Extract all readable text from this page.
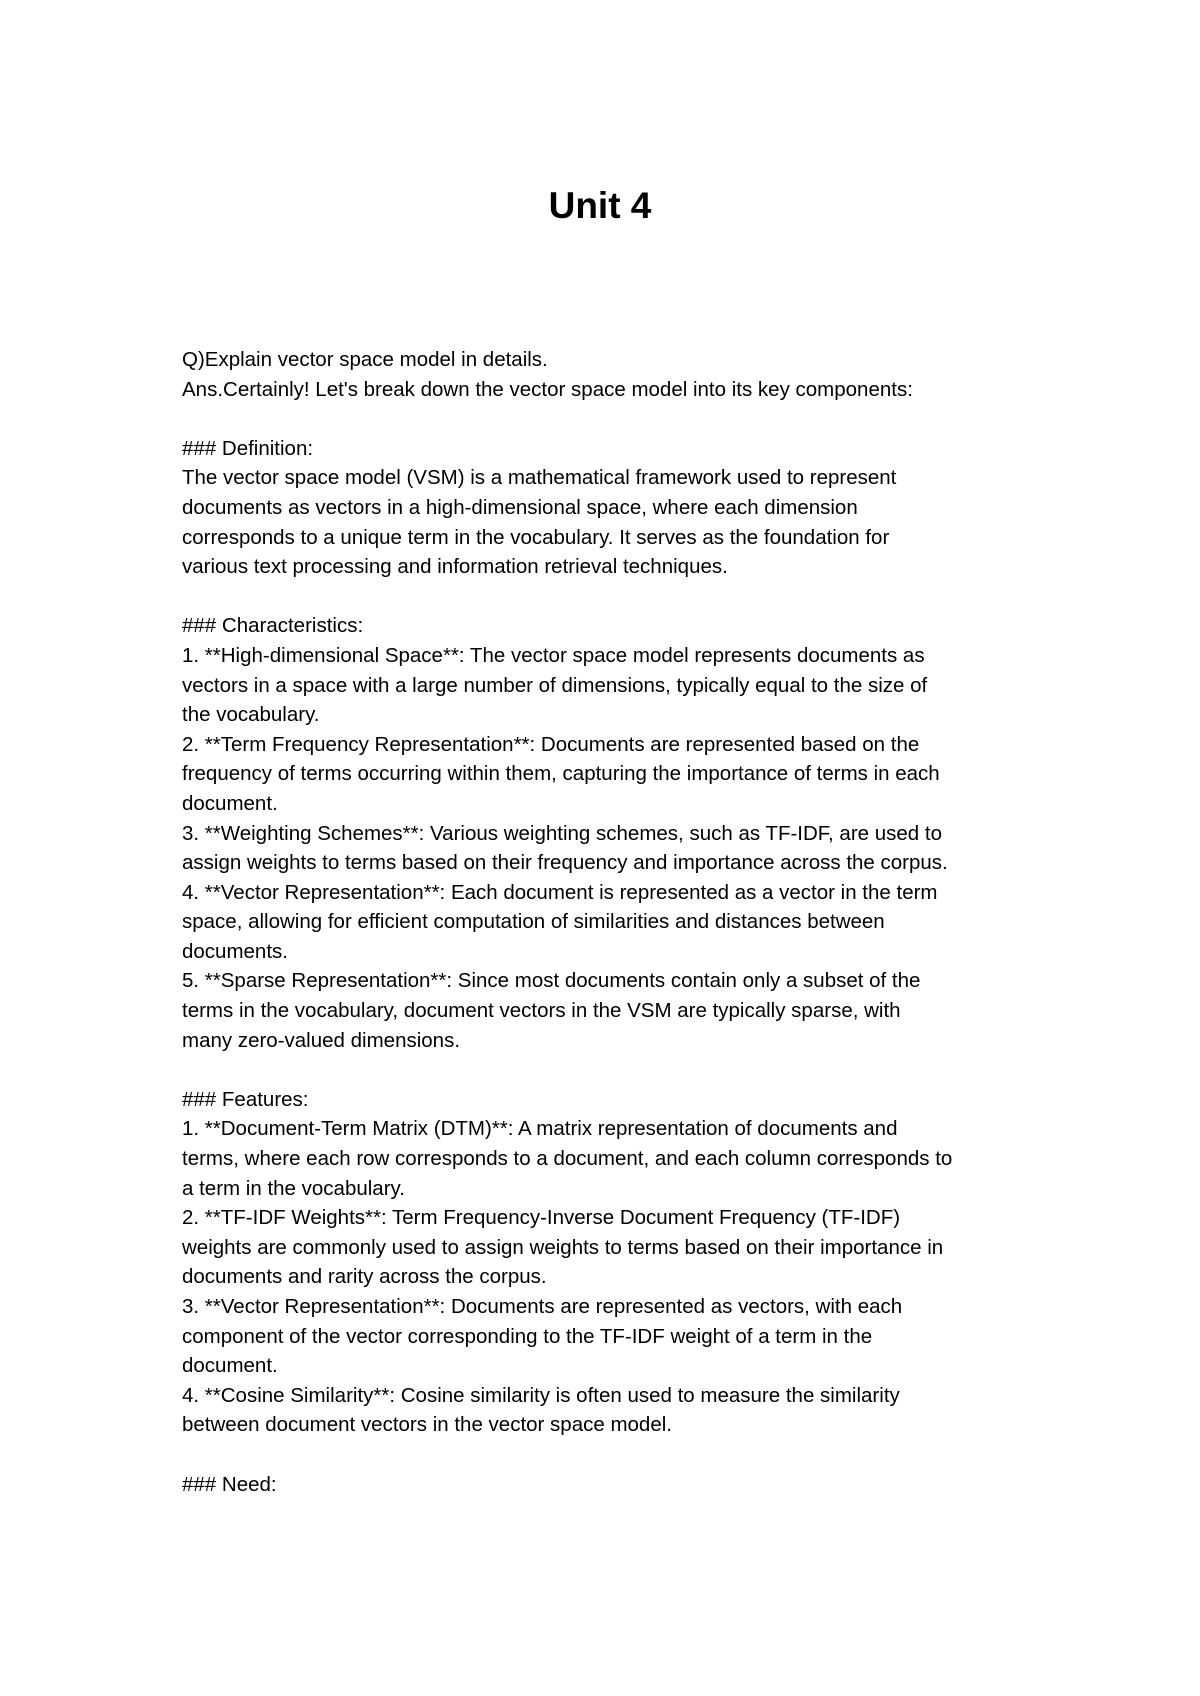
Unit 4
Q)Explain vector space model in details.
Ans.Certainly! Let's break down the vector space model into its key components:
### Definition:
The vector space model (VSM) is a mathematical framework used to represent
documents as vectors in a high-dimensional space, where each dimension
corresponds to a unique term in the vocabulary. It serves as the foundation for
various text processing and information retrieval techniques.
### Characteristics:
1. **High-dimensional Space**: The vector space model represents documents as
vectors in a space with a large number of dimensions, typically equal to the size of
the vocabulary.
2. **Term Frequency Representation**: Documents are represented based on the
frequency of terms occurring within them, capturing the importance of terms in each
document.
3. **Weighting Schemes**: Various weighting schemes, such as TF-IDF, are used to
assign weights to terms based on their frequency and importance across the corpus.
4. **Vector Representation**: Each document is represented as a vector in the term
space, allowing for efficient computation of similarities and distances between
documents.
5. **Sparse Representation**: Since most documents contain only a subset of the
terms in the vocabulary, document vectors in the VSM are typically sparse, with
many zero-valued dimensions.
### Features:
1. **Document-Term Matrix (DTM)**: A matrix representation of documents and
terms, where each row corresponds to a document, and each column corresponds to
a term in the vocabulary.
2. **TF-IDF Weights**: Term Frequency-Inverse Document Frequency (TF-IDF)
weights are commonly used to assign weights to terms based on their importance in
documents and rarity across the corpus.
3. **Vector Representation**: Documents are represented as vectors, with each
component of the vector corresponding to the TF-IDF weight of a term in the
document.
4. **Cosine Similarity**: Cosine similarity is often used to measure the similarity
between document vectors in the vector space model.
### Need:
